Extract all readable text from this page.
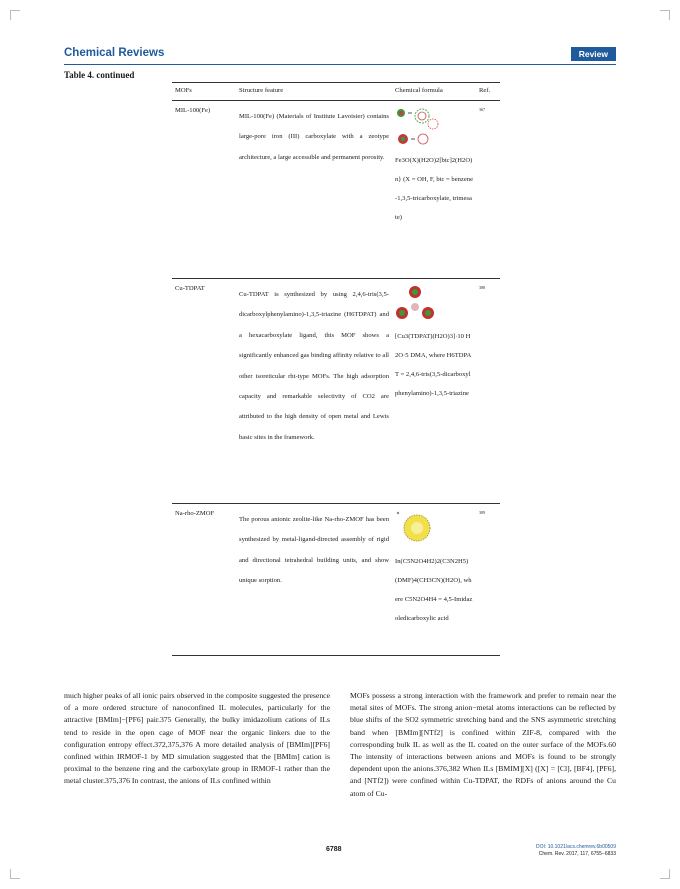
Chemical Reviews	Review
Table 4. continued
MOFs	Structure feature	Chemical formula	Ref.
MIL-100(Fe)	MIL-100(Fe) (Materials of Institute Lavoisier) contains large-pore iron (III) carboxylate with a zeotype architecture, a large accessible and permanent porosity.	Fe3O(X)(H2O)2[btc]2(H2O)n} (X = OH, F, btc = benzene-1,3,5-tricarboxylate, trimesate)	367
Cu-TDPAT	Cu-TDPAT is synthesized by using 2,4,6-tris(3,5-dicarboxylphenylamino)-1,3,5-triazine (H6TDPAT) and a hexacarboxylate ligand, this MOF shows a significantly enhanced gas binding affinity relative to all other isoreticular rht-type MOFs. The high adsorption capacity and remarkable selectivity of CO2 are attributed to the high density of open metal and Lewis basic sites in the framework.	[Cu3(TDPAT)(H2O)3]·10 H2O·5 DMA, where H6TDPAT = 2,4,6-tris(3,5-dicarboxylphenylamino)-1,3,5-triazine	388
Na-rho-ZMOF	The porous anionic zeolite-like Na-rho-ZMOF has been synthesized by metal-ligand-directed assembly of rigid and directional tetrahedral building units, and show unique sorption.	In(C5N2O4H2)2(C3N2H5)(DMF)4(CH3CN)(H2O), where C5N2O4H4 = 4,5-Imidazoledicarboxylic acid	389

much higher peaks of all ionic pairs observed in the composite suggested the presence of a more ordered structure of nanoconfined IL molecules, particularly for the attractive [BMIm]−[PF6] pair.375 Generally, the bulky imidazolium cations of ILs tend to reside in the open cage of MOF near the organic linkers due to the configuration entropy effect.372,375,376 A more detailed analysis of [BMIm][PF6] confined within IRMOF-1 by MD simulation suggested that the [BMIm] cation is proximal to the benzene ring and the carboxylate group in IRMOF-1 rather than the metal cluster.375,376 In contrast, the anions of ILs confined within

MOFs possess a strong interaction with the framework and prefer to remain near the metal sites of MOFs. The strong anion−metal atoms interactions can be reflected by blue shifts of the SO2 symmetric stretching band and the SNS asymmetric stretching band when [BMIm][NTf2] is confined within ZIF-8, compared with the corresponding bulk IL as well as the IL coated on the outer surface of the MOFs.60 The intensity of interactions between anions and MOFs is found to be strongly dependent upon the anions.376,382 When ILs [BMIM][X] ([X] = [Cl], [BF4], [PF6], and [NTf2]) were confined within Cu-TDPAT, the RDFs of anions around the Cu atom of Cu-

6788	DOI: 10.1021/acs.chemrev.6b00509
Chem. Rev. 2017, 117, 6755−6833
